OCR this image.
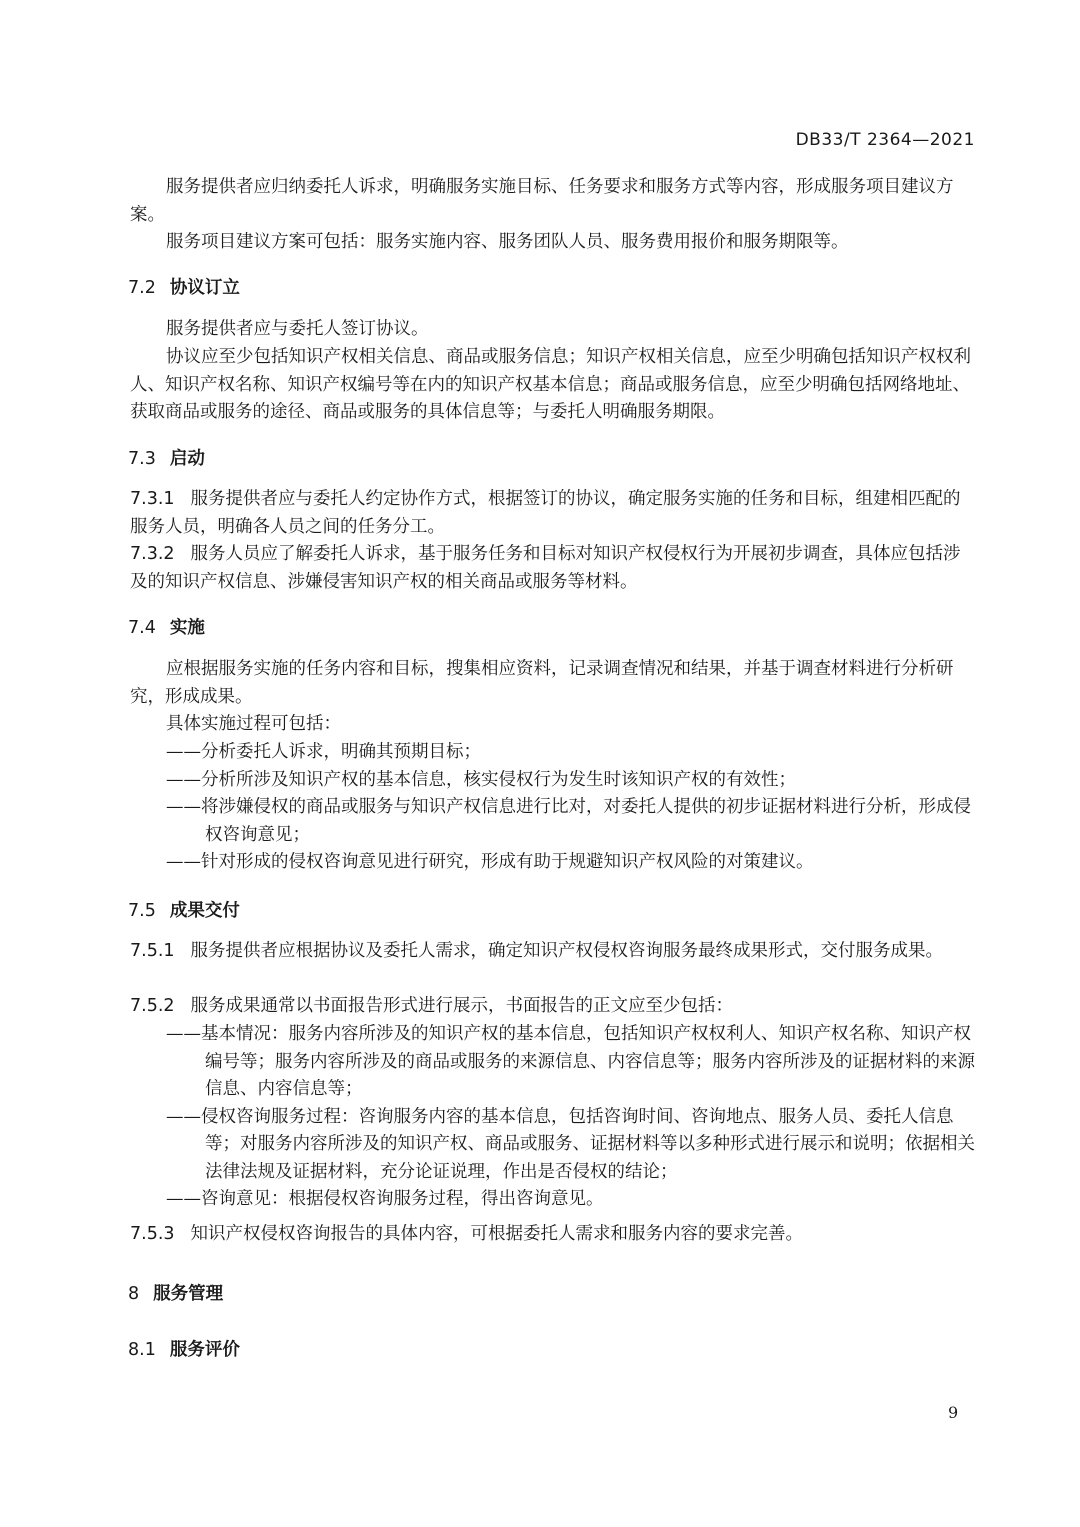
DB33/T 2364—2021

服务提供者应归纳委托人诉求，明确服务实施目标、任务要求和服务方式等内容，形成服务项目建议方案。

服务项目建议方案可包括：服务实施内容、服务团队人员、服务费用报价和服务期限等。

7.2 协议订立

服务提供者应与委托人签订协议。

协议应至少包括知识产权相关信息、商品或服务信息；知识产权相关信息，应至少明确包括知识产权权利人、知识产权名称、知识产权编号等在内的知识产权基本信息；商品或服务信息，应至少明确包括网络地址、获取商品或服务的途径、商品或服务的具体信息等；与委托人明确服务期限。

7.3 启动

7.3.1 服务提供者应与委托人约定协作方式，根据签订的协议，确定服务实施的任务和目标，组建相匹配的服务人员，明确各人员之间的任务分工。

7.3.2 服务人员应了解委托人诉求，基于服务任务和目标对知识产权侵权行为开展初步调查，具体应包括涉及的知识产权信息、涉嫌侵害知识产权的相关商品或服务等材料。

7.4 实施

应根据服务实施的任务内容和目标，搜集相应资料，记录调查情况和结果，并基于调查材料进行分析研究，形成成果。

具体实施过程可包括：

——分析委托人诉求，明确其预期目标；
——分析所涉及知识产权的基本信息，核实侵权行为发生时该知识产权的有效性；
——将涉嫌侵权的商品或服务与知识产权信息进行比对，对委托人提供的初步证据材料进行分析，形成侵权咨询意见；
——针对形成的侵权咨询意见进行研究，形成有助于规避知识产权风险的对策建议。
7.5 成果交付

7.5.1 服务提供者应根据协议及委托人需求，确定知识产权侵权咨询服务最终成果形式，交付服务成果。

7.5.2 服务成果通常以书面报告形式进行展示，书面报告的正文应至少包括：

——基本情况：服务内容所涉及的知识产权的基本信息，包括知识产权权利人、知识产权名称、知识产权编号等；服务内容所涉及的商品或服务的来源信息、内容信息等；服务内容所涉及的证据材料的来源信息、内容信息等；
——侵权咨询服务过程：咨询服务内容的基本信息，包括咨询时间、咨询地点、服务人员、委托人信息等；对服务内容所涉及的知识产权、商品或服务、证据材料等以多种形式进行展示和说明；依据相关法律法规及证据材料，充分论证说理，作出是否侵权的结论；
——咨询意见：根据侵权咨询服务过程，得出咨询意见。

7.5.3 知识产权侵权咨询报告的具体内容，可根据委托人需求和服务内容的要求完善。

8 服务管理
8.1 服务评价
9
